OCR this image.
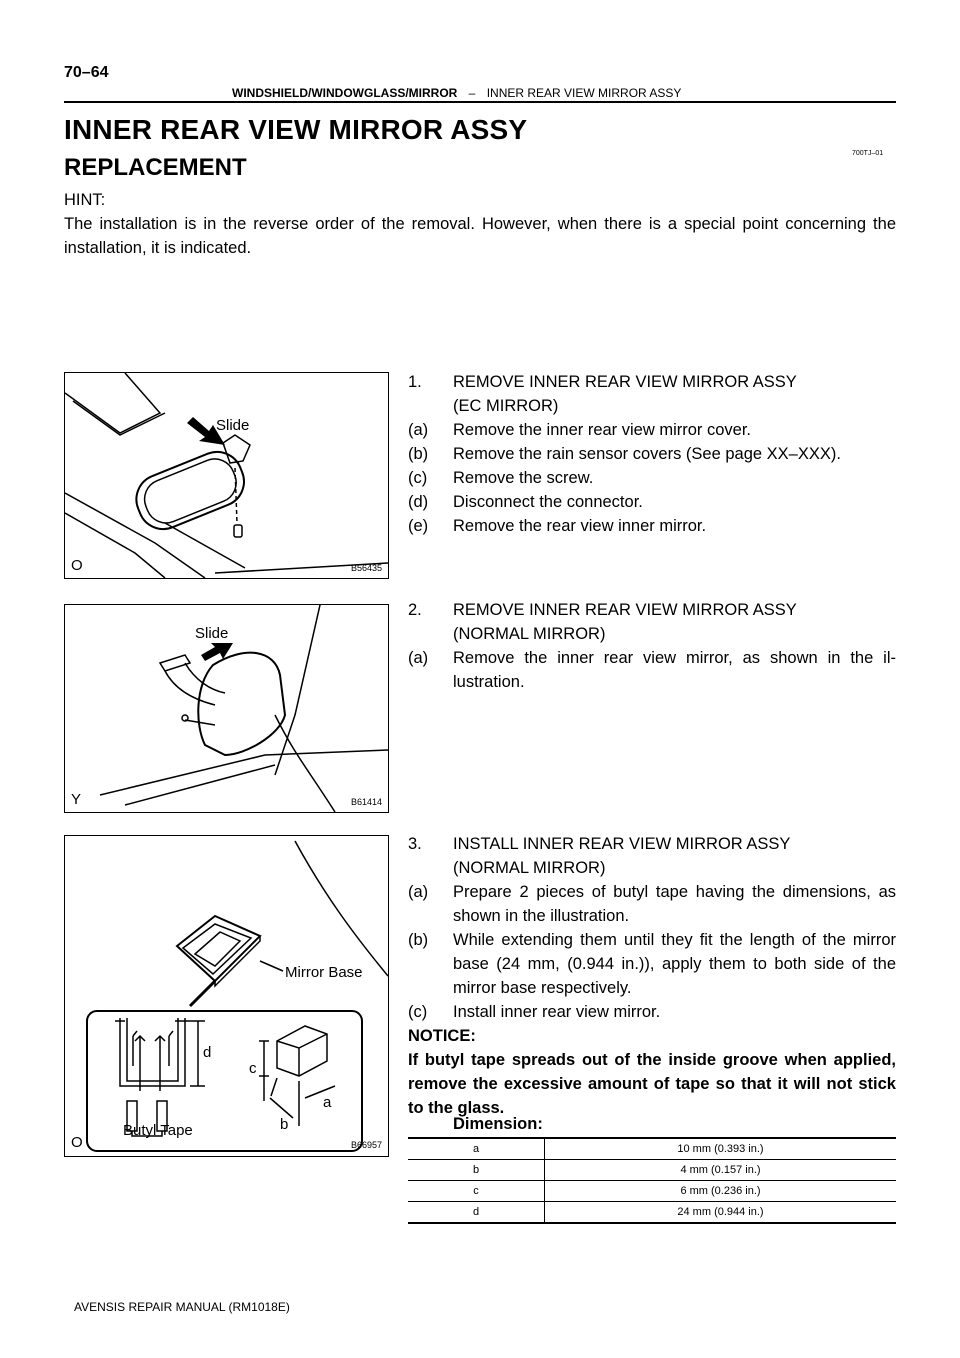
70–64
WINDSHIELD/WINDOWGLASS/MIRROR – INNER REAR VIEW MIRROR ASSY
INNER REAR VIEW MIRROR ASSY
700TJ–01
REPLACEMENT
HINT:
The installation is in the reverse order of the removal. However, when there is a special point concerning the installation, it is indicated.
Slide
B56435
O
Slide
B61414
Y
Mirror Base
Butyl Tape
d
c
a
b
B66957
O
1. REMOVE INNER REAR VIEW MIRROR ASSY
(EC MIRROR)
(a) Remove the inner rear view mirror cover.
(b) Remove the rain sensor covers (See page XX–XXX).
(c) Remove the screw.
(d) Disconnect the connector.
(e) Remove the rear view inner mirror.
2. REMOVE INNER REAR VIEW MIRROR ASSY
(NORMAL MIRROR)
(a) Remove the inner rear view mirror, as shown in the il- lustration.
3. INSTALL INNER REAR VIEW MIRROR ASSY
(NORMAL MIRROR)
(a) Prepare 2 pieces of butyl tape having the dimensions, as shown in the illustration.
(b) While extending them until they fit the length of the mirror base (24 mm, (0.944 in.)), apply them to both side of the mirror base respectively.
(c) Install inner rear view mirror.
NOTICE:
If butyl tape spreads out of the inside groove when applied, remove the excessive amount of tape so that it will not stick to the glass.
Dimension:
a	10 mm (0.393 in.)
b	4 mm (0.157 in.)
c	6 mm (0.236 in.)
d	24 mm (0.944 in.)
AVENSIS REPAIR MANUAL (RM1018E)
